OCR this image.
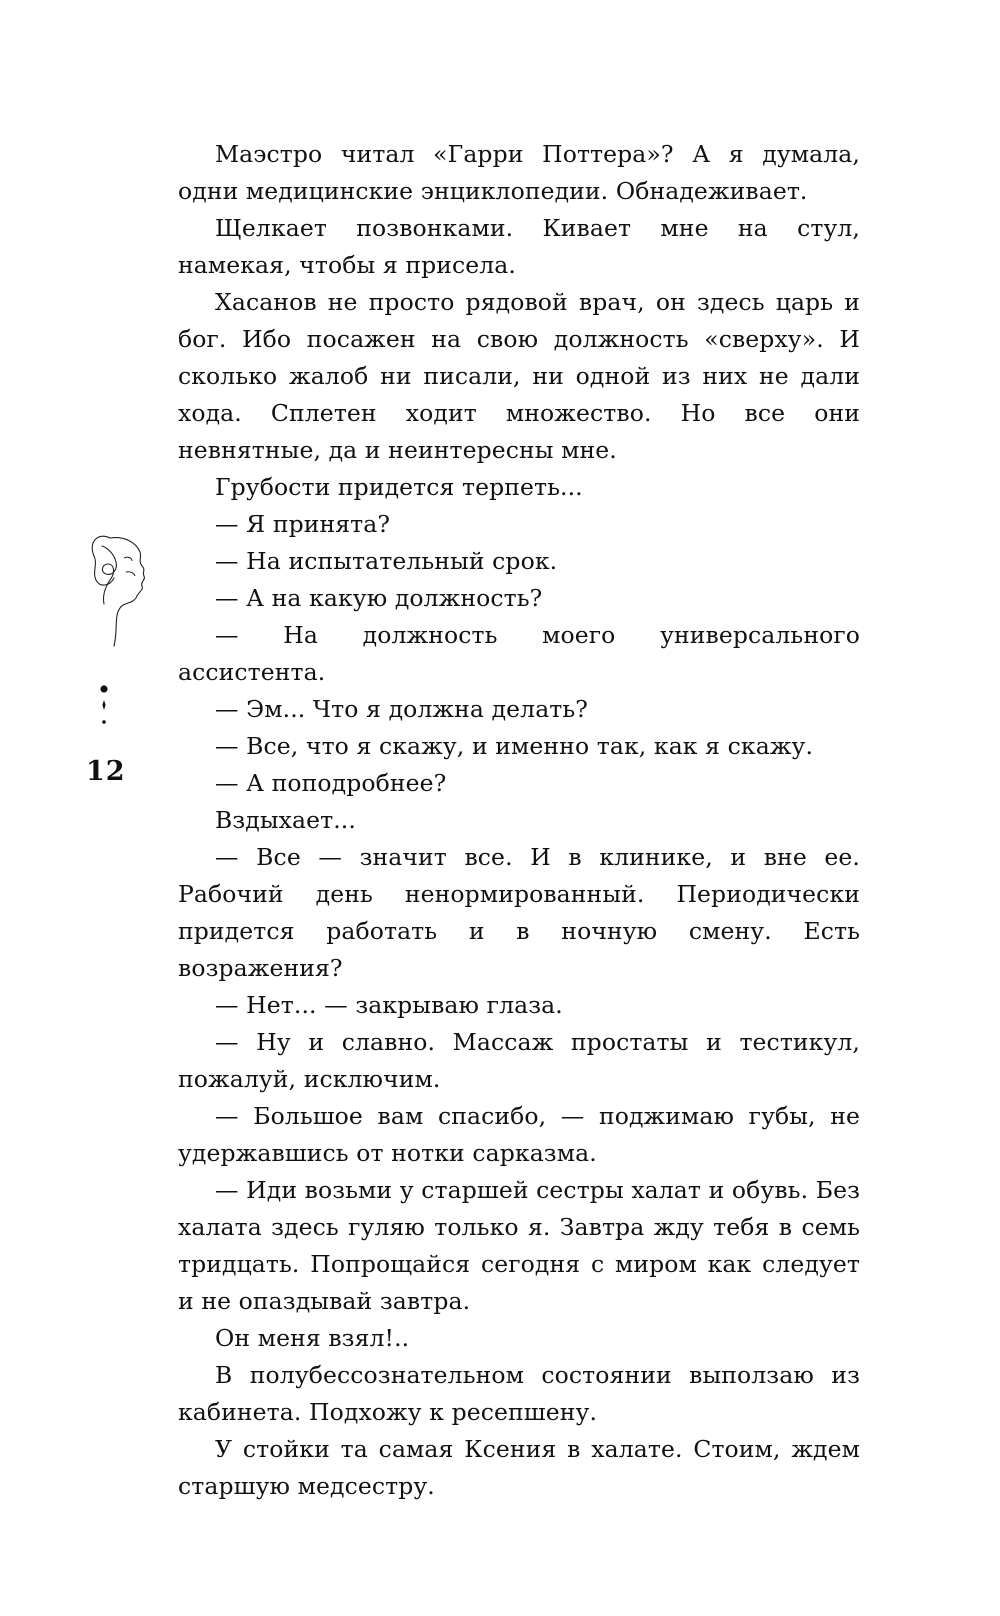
Маэстро читал «Гарри Поттера»? А я думала, одни медицинские энциклопедии. Обнадеживает.

Щелкает позвонками. Кивает мне на стул, намекая, чтобы я присела.

Хасанов не просто рядовой врач, он здесь царь и бог. Ибо посажен на свою должность «сверху». И сколько жалоб ни писали, ни одной из них не дали хода. Сплетен ходит множество. Но все они невнятные, да и неинтересны мне.

Грубости придется терпеть...

— Я принята?

— На испытательный срок.

— А на какую должность?

— На должность моего универсального ассистента.

— Эм... Что я должна делать?

— Все, что я скажу, и именно так, как я скажу.

— А поподробнее?

Вздыхает...

— Все — значит все. И в клинике, и вне ее. Рабочий день ненормированный. Периодически придется работать и в ночную смену. Есть возражения?

— Нет... — закрываю глаза.

— Ну и славно. Массаж простаты и тестикул, пожалуй, исключим.

— Большое вам спасибо, — поджимаю губы, не удержавшись от нотки сарказма.

— Иди возьми у старшей сестры халат и обувь. Без халата здесь гуляю только я. Завтра жду тебя в семь тридцать. Попрощайся сегодня с миром как следует и не опаздывай завтра.

Он меня взял!..

В полубессознательном состоянии выползаю из кабинета. Подхожу к ресепшену.

У стойки та самая Ксения в халате. Стоим, ждем старшую медсестру.

12
